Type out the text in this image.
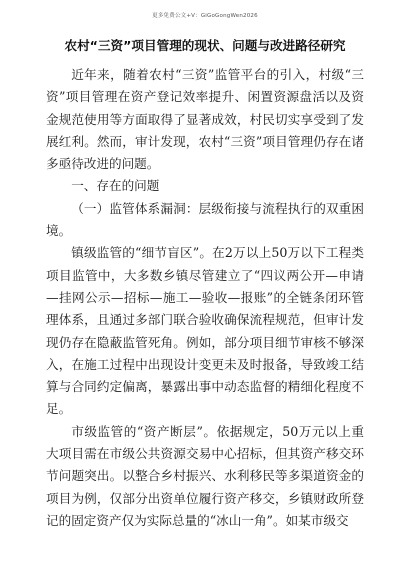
更多免费公文+V：GiGoGongWen2026
农村“三资”项目管理的现状、问题与改进路径研究

近年来，随着农村“三资”监管平台的引入，村级“三资”项目管理在资产登记效率提升、闲置资源盘活以及资金规范使用等方面取得了显著成效，村民切实享受到了发展红利。然而，审计发现，农村“三资”项目管理仍存在诸多亟待改进的问题。

一、存在的问题

（一）监管体系漏洞：层级衔接与流程执行的双重困境。

镇级监管的“细节盲区”。在2万以上50万以下工程类项目监管中，大多数乡镇尽管建立了“四议两公开—申请—挂网公示—招标—施工—验收—报账”的全链条闭环管理体系，且通过多部门联合验收确保流程规范，但审计发现仍存在隐蔽监管死角。例如，部分项目细节审核不够深入，在施工过程中出现设计变更未及时报备，导致竣工结算与合同约定偏离，暴露出事中动态监督的精细化程度不足。

市级监管的“资产断层”。依据规定，50万元以上重大项目需在市级公共资源交易中心招标，但其资产移交环节问题突出。以整合乡村振兴、水利移民等多渠道资金的项目为例，仅部分出资单位履行资产移交，乡镇财政所登记的固定资产仅为实际总量的“冰山一角”。如某市级交
